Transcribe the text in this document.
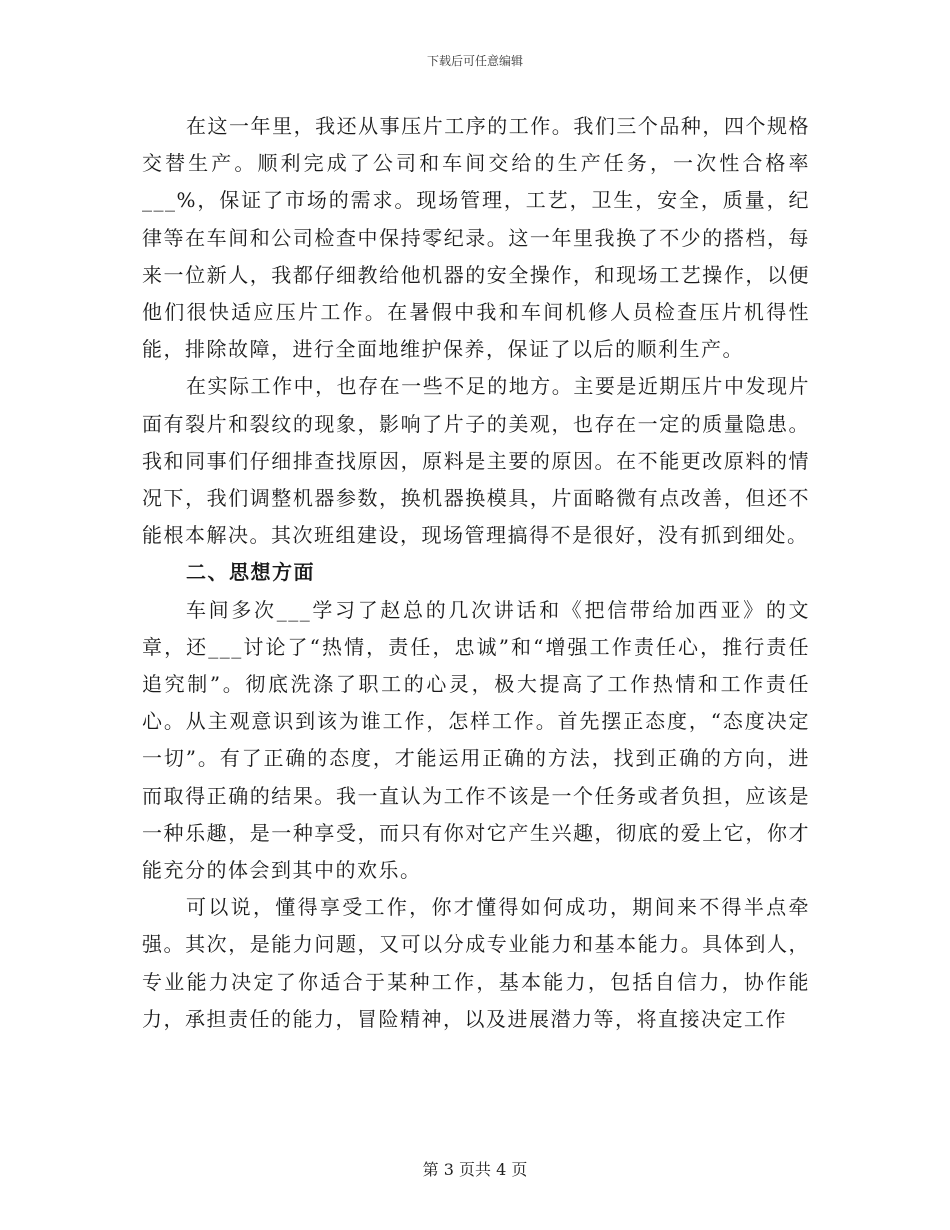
下载后可任意编辑

在这一年里，我还从事压片工序的工作。我们三个品种，四个规格交替生产。顺利完成了公司和车间交给的生产任务，一次性合格率___%，保证了市场的需求。现场管理，工艺，卫生，安全，质量，纪律等在车间和公司检查中保持零纪录。这一年里我换了不少的搭档，每来一位新人，我都仔细教给他机器的安全操作，和现场工艺操作，以便他们很快适应压片工作。在暑假中我和车间机修人员检查压片机得性能，排除故障，进行全面地维护保养，保证了以后的顺利生产。

在实际工作中，也存在一些不足的地方。主要是近期压片中发现片面有裂片和裂纹的现象，影响了片子的美观，也存在一定的质量隐患。我和同事们仔细排查找原因，原料是主要的原因。在不能更改原料的情况下，我们调整机器参数，换机器换模具，片面略微有点改善，但还不能根本解决。其次班组建设，现场管理搞得不是很好，没有抓到细处。

二、思想方面

车间多次___学习了赵总的几次讲话和《把信带给加西亚》的文章，还___讨论了“热情，责任，忠诚”和“增强工作责任心，推行责任追究制”。彻底洗涤了职工的心灵，极大提高了工作热情和工作责任心。从主观意识到该为谁工作，怎样工作。首先摆正态度，“态度决定一切”。有了正确的态度，才能运用正确的方法，找到正确的方向，进而取得正确的结果。我一直认为工作不该是一个任务或者负担，应该是一种乐趣，是一种享受，而只有你对它产生兴趣，彻底的爱上它，你才能充分的体会到其中的欢乐。

可以说，懂得享受工作，你才懂得如何成功，期间来不得半点牵强。其次，是能力问题，又可以分成专业能力和基本能力。具体到人，专业能力决定了你适合于某种工作，基本能力，包括自信力，协作能力，承担责任的能力，冒险精神，以及进展潜力等，将直接决定工作

第 3 页共 4 页
